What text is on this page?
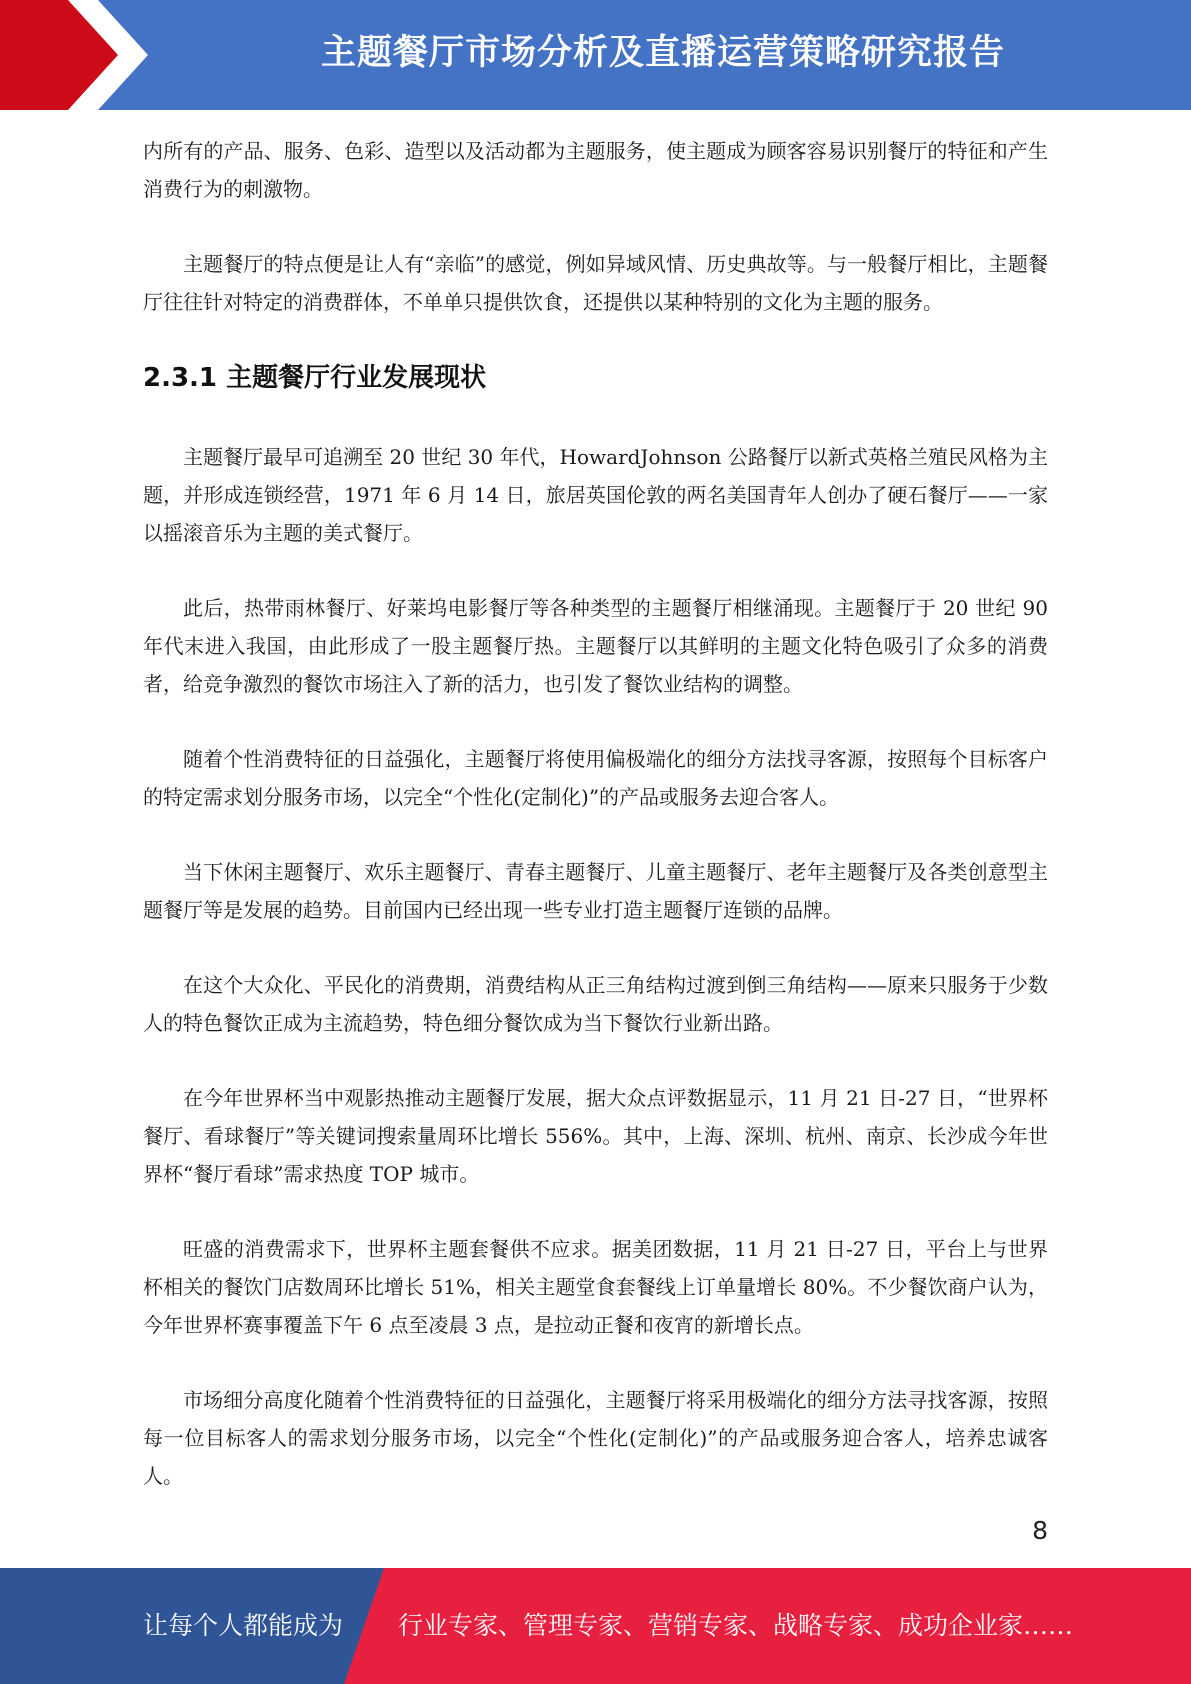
主题餐厅市场分析及直播运营策略研究报告

内所有的产品、服务、色彩、造型以及活动都为主题服务，使主题成为顾客容易识别餐厅的特征和产生消费行为的刺激物。

主题餐厅的特点便是让人有“亲临”的感觉，例如异域风情、历史典故等。与一般餐厅相比，主题餐厅往往针对特定的消费群体，不单单只提供饮食，还提供以某种特别的文化为主题的服务。

2.3.1 主题餐厅行业发展现状

主题餐厅最早可追溯至 20 世纪 30 年代，HowardJohnson 公路餐厅以新式英格兰殖民风格为主题，并形成连锁经营，1971 年 6 月 14 日，旅居英国伦敦的两名美国青年人创办了硬石餐厅——一家以摇滚音乐为主题的美式餐厅。

此后，热带雨林餐厅、好莱坞电影餐厅等各种类型的主题餐厅相继涌现。主题餐厅于 20 世纪 90 年代末进入我国，由此形成了一股主题餐厅热。主题餐厅以其鲜明的主题文化特色吸引了众多的消费者，给竞争激烈的餐饮市场注入了新的活力，也引发了餐饮业结构的调整。

随着个性消费特征的日益强化，主题餐厅将使用偏极端化的细分方法找寻客源，按照每个目标客户的特定需求划分服务市场，以完全“个性化(定制化)”的产品或服务去迎合客人。

当下休闲主题餐厅、欢乐主题餐厅、青春主题餐厅、儿童主题餐厅、老年主题餐厅及各类创意型主题餐厅等是发展的趋势。目前国内已经出现一些专业打造主题餐厅连锁的品牌。

在这个大众化、平民化的消费期，消费结构从正三角结构过渡到倒三角结构——原来只服务于少数人的特色餐饮正成为主流趋势，特色细分餐饮成为当下餐饮行业新出路。

在今年世界杯当中观影热推动主题餐厅发展，据大众点评数据显示，11 月 21 日-27 日，“世界杯餐厅、看球餐厅”等关键词搜索量周环比增长 556%。其中，上海、深圳、杭州、南京、长沙成今年世界杯“餐厅看球”需求热度 TOP 城市。

旺盛的消费需求下，世界杯主题套餐供不应求。据美团数据，11 月 21 日-27 日，平台上与世界杯相关的餐饮门店数周环比增长 51%，相关主题堂食套餐线上订单量增长 80%。不少餐饮商户认为，今年世界杯赛事覆盖下午 6 点至凌晨 3 点，是拉动正餐和夜宵的新增长点。

市场细分高度化随着个性消费特征的日益强化，主题餐厅将采用极端化的细分方法寻找客源，按照每一位目标客人的需求划分服务市场，以完全“个性化(定制化)”的产品或服务迎合客人，培养忠诚客人。

8
让每个人都能成为 行业专家、管理专家、营销专家、战略专家、成功企业家……
